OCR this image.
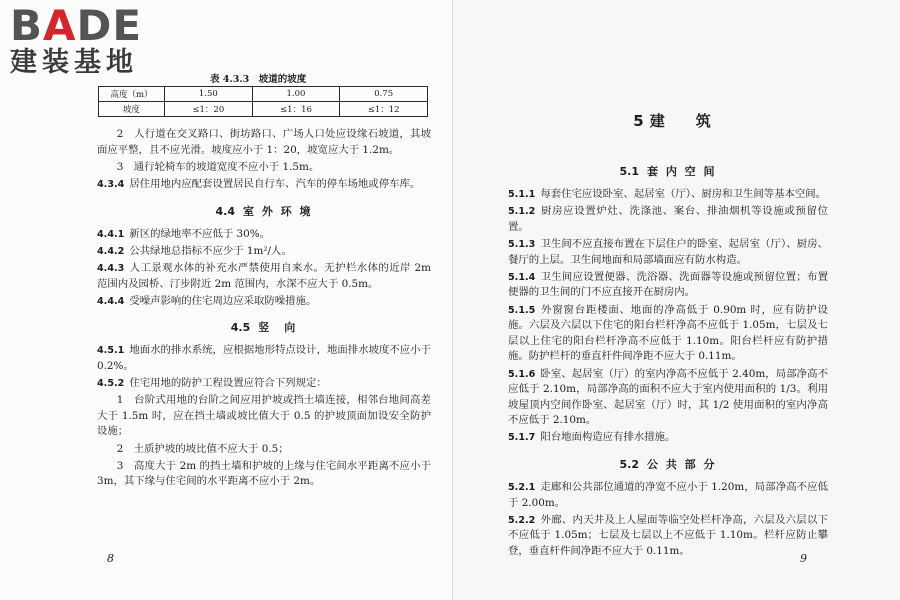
BADE
建装基地
表 4.3.3　坡道的坡度
高度（m）	1.50	1.00	0.75
坡度	≤1：20	≤1：16	≤1：12

2　人行道在交叉路口、街坊路口、广场人口处应设缘石坡道，其坡面应平整，且不应光滑。坡度应小于 1：20，坡宽应大于 1.2m。

3　通行轮椅车的坡道宽度不应小于 1.5m。

4.3.4 居住用地内应配套设置居民自行车、汽车的停车场地或停车库。

4.4 室 外 环 境

4.4.1 新区的绿地率不应低于 30%。

4.4.2 公共绿地总指标不应少于 1m²/人。

4.4.3 人工景观水体的补充水严禁使用自来水。无护栏水体的近岸 2m 范围内及园桥、汀步附近 2m 范围内，水深不应大于 0.5m。

4.4.4 受噪声影响的住宅周边应采取防噪措施。

4.5 竖　向

4.5.1 地面水的排水系统，应根据地形特点设计，地面排水坡度不应小于 0.2%。

4.5.2 住宅用地的防护工程设置应符合下列规定：

1　台阶式用地的台阶之间应用护坡或挡土墙连接，相邻台地间高差大于 1.5m 时，应在挡土墙或坡比值大于 0.5 的护坡顶面加设安全防护设施；

2　土质护坡的坡比值不应大于 0.5；

3　高度大于 2m 的挡土墙和护坡的上缘与住宅间水平距离不应小于 3m，其下缘与住宅间的水平距离不应小于 2m。

8
5 建　筑
5.1 套 内 空 间

5.1.1 每套住宅应设卧室、起居室（厅）、厨房和卫生间等基本空间。

5.1.2 厨房应设置炉灶、洗涤池、案台、排油烟机等设施或预留位置。

5.1.3 卫生间不应直接布置在下层住户的卧室、起居室（厅）、厨房、餐厅的上层。卫生间地面和局部墙面应有防水构造。

5.1.4 卫生间应设置便器、洗浴器、洗面器等设施或预留位置；布置便器的卫生间的门不应直接开在厨房内。

5.1.5 外窗窗台距楼面、地面的净高低于 0.90m 时，应有防护设施。六层及六层以下住宅的阳台栏杆净高不应低于 1.05m，七层及七层以上住宅的阳台栏杆净高不应低于 1.10m。阳台栏杆应有防护措施。防护栏杆的垂直杆件间净距不应大于 0.11m。

5.1.6 卧室、起居室（厅）的室内净高不应低于 2.40m，局部净高不应低于 2.10m，局部净高的面积不应大于室内使用面积的 1/3。利用坡屋顶内空间作卧室、起居室（厅）时，其 1/2 使用面积的室内净高不应低于 2.10m。

5.1.7 阳台地面构造应有排水措施。

5.2 公 共 部 分

5.2.1 走廊和公共部位通道的净宽不应小于 1.20m，局部净高不应低于 2.00m。

5.2.2 外廊、内天井及上人屋面等临空处栏杆净高，六层及六层以下不应低于 1.05m；七层及七层以上不应低于 1.10m。栏杆应防止攀登，垂直杆件间净距不应大于 0.11m。

9
